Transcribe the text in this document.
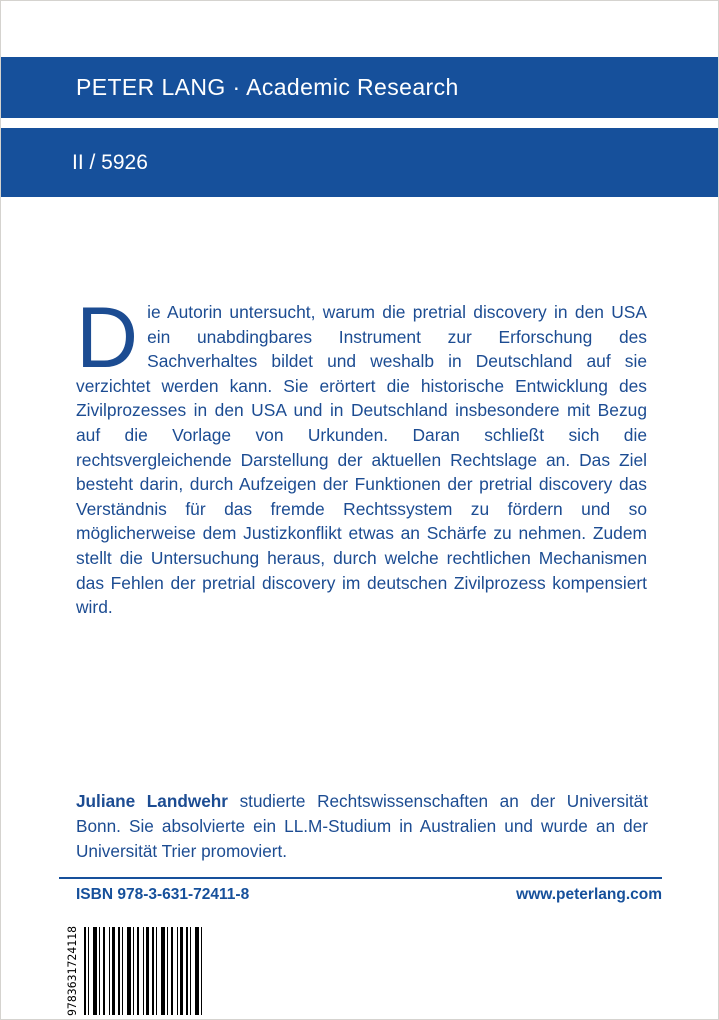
PETER LANG · Academic Research
II / 5926

Die Autorin untersucht, warum die pretrial discovery in den USA ein unabdingbares Instrument zur Erforschung des Sachverhaltes bildet und weshalb in Deutschland auf sie verzichtet werden kann. Sie erörtert die historische Entwicklung des Zivilprozesses in den USA und in Deutschland insbesondere mit Bezug auf die Vorlage von Urkunden. Daran schließt sich die rechtsvergleichende Darstellung der aktuellen Rechtslage an. Das Ziel besteht darin, durch Aufzeigen der Funktionen der pretrial discovery das Verständnis für das fremde Rechtssystem zu fördern und so möglicherweise dem Justizkonflikt etwas an Schärfe zu nehmen. Zudem stellt die Untersuchung heraus, durch welche rechtlichen Mechanismen das Fehlen der pretrial discovery im deutschen Zivilprozess kompensiert wird.

Juliane Landwehr studierte Rechtswissenschaften an der Universität Bonn. Sie absolvierte ein LL.M-Studium in Australien und wurde an der Universität Trier promoviert.

ISBN 978-3-631-72411-8	www.peterlang.com
9783631724118
